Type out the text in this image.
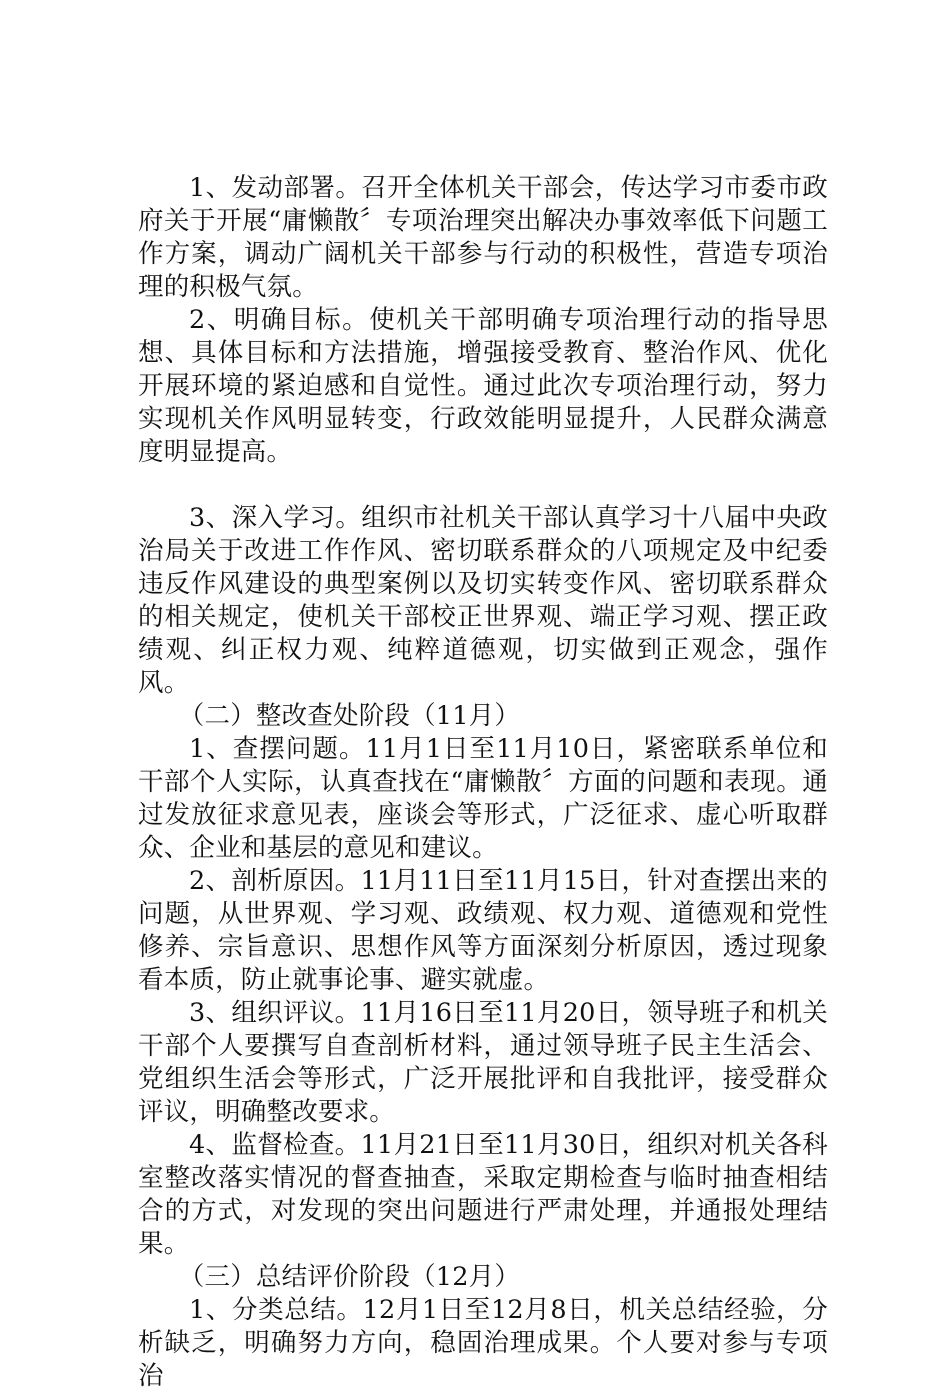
1、发动部署。召开全体机关干部会，传达学习市委市政府关于开展“庸懒散〞专项治理突出解决办事效率低下问题工作方案，调动广阔机关干部参与行动的积极性，营造专项治理的积极气氛。

2、明确目标。使机关干部明确专项治理行动的指导思想、具体目标和方法措施，增强接受教育、整治作风、优化开展环境的紧迫感和自觉性。通过此次专项治理行动，努力实现机关作风明显转变，行政效能明显提升，人民群众满意度明显提高。

3、深入学习。组织市社机关干部认真学习十八届中央政治局关于改进工作作风、密切联系群众的八项规定及中纪委违反作风建设的典型案例以及切实转变作风、密切联系群众的相关规定，使机关干部校正世界观、端正学习观、摆正政绩观、纠正权力观、纯粹道德观，切实做到正观念，强作风。

（二）整改查处阶段（11月）

1、查摆问题。11月1日至11月10日，紧密联系单位和干部个人实际，认真查找在“庸懒散〞方面的问题和表现。通过发放征求意见表，座谈会等形式，广泛征求、虚心听取群众、企业和基层的意见和建议。

2、剖析原因。11月11日至11月15日，针对查摆出来的问题，从世界观、学习观、政绩观、权力观、道德观和党性修养、宗旨意识、思想作风等方面深刻分析原因，透过现象看本质，防止就事论事、避实就虚。

3、组织评议。11月16日至11月20日，领导班子和机关干部个人要撰写自查剖析材料，通过领导班子民主生活会、党组织生活会等形式，广泛开展批评和自我批评，接受群众评议，明确整改要求。

4、监督检查。11月21日至11月30日，组织对机关各科室整改落实情况的督查抽查，采取定期检查与临时抽查相结合的方式，对发现的突出问题进行严肃处理，并通报处理结果。

（三）总结评价阶段（12月）

1、分类总结。12月1日至12月8日，机关总结经验，分析缺乏，明确努力方向，稳固治理成果。个人要对参与专项治
